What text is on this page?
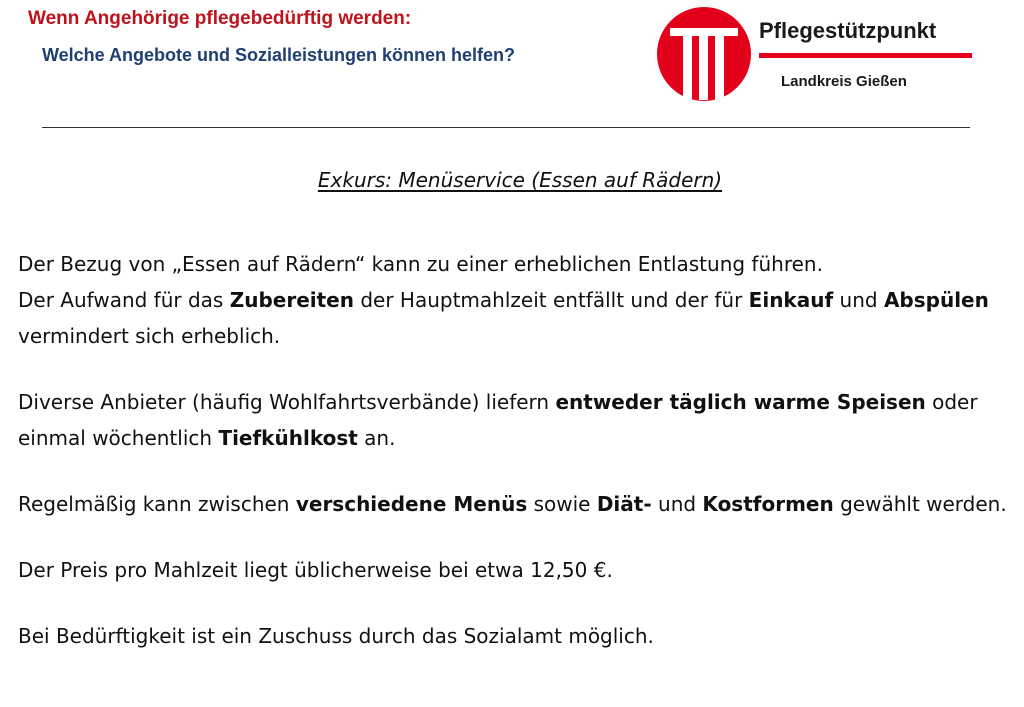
Wenn Angehörige pflegebedürftig werden:
Welche Angebote und Sozialleistungen können helfen?
Pflegestützpunkt
Landkreis Gießen
Exkurs: Menüservice (Essen auf Rädern)

Der Bezug von „Essen auf Rädern“ kann zu einer erheblichen Entlastung führen.

Der Aufwand für das Zubereiten der Hauptmahlzeit entfällt und der für Einkauf und Abspülen vermindert sich erheblich.

Diverse Anbieter (häufig Wohlfahrtsverbände) liefern entweder täglich warme Speisen oder einmal wöchentlich Tiefkühlkost an.

Regelmäßig kann zwischen verschiedene Menüs sowie Diät- und Kostformen gewählt werden.

Der Preis pro Mahlzeit liegt üblicherweise bei etwa 12,50 €.

Bei Bedürftigkeit ist ein Zuschuss durch das Sozialamt möglich.
